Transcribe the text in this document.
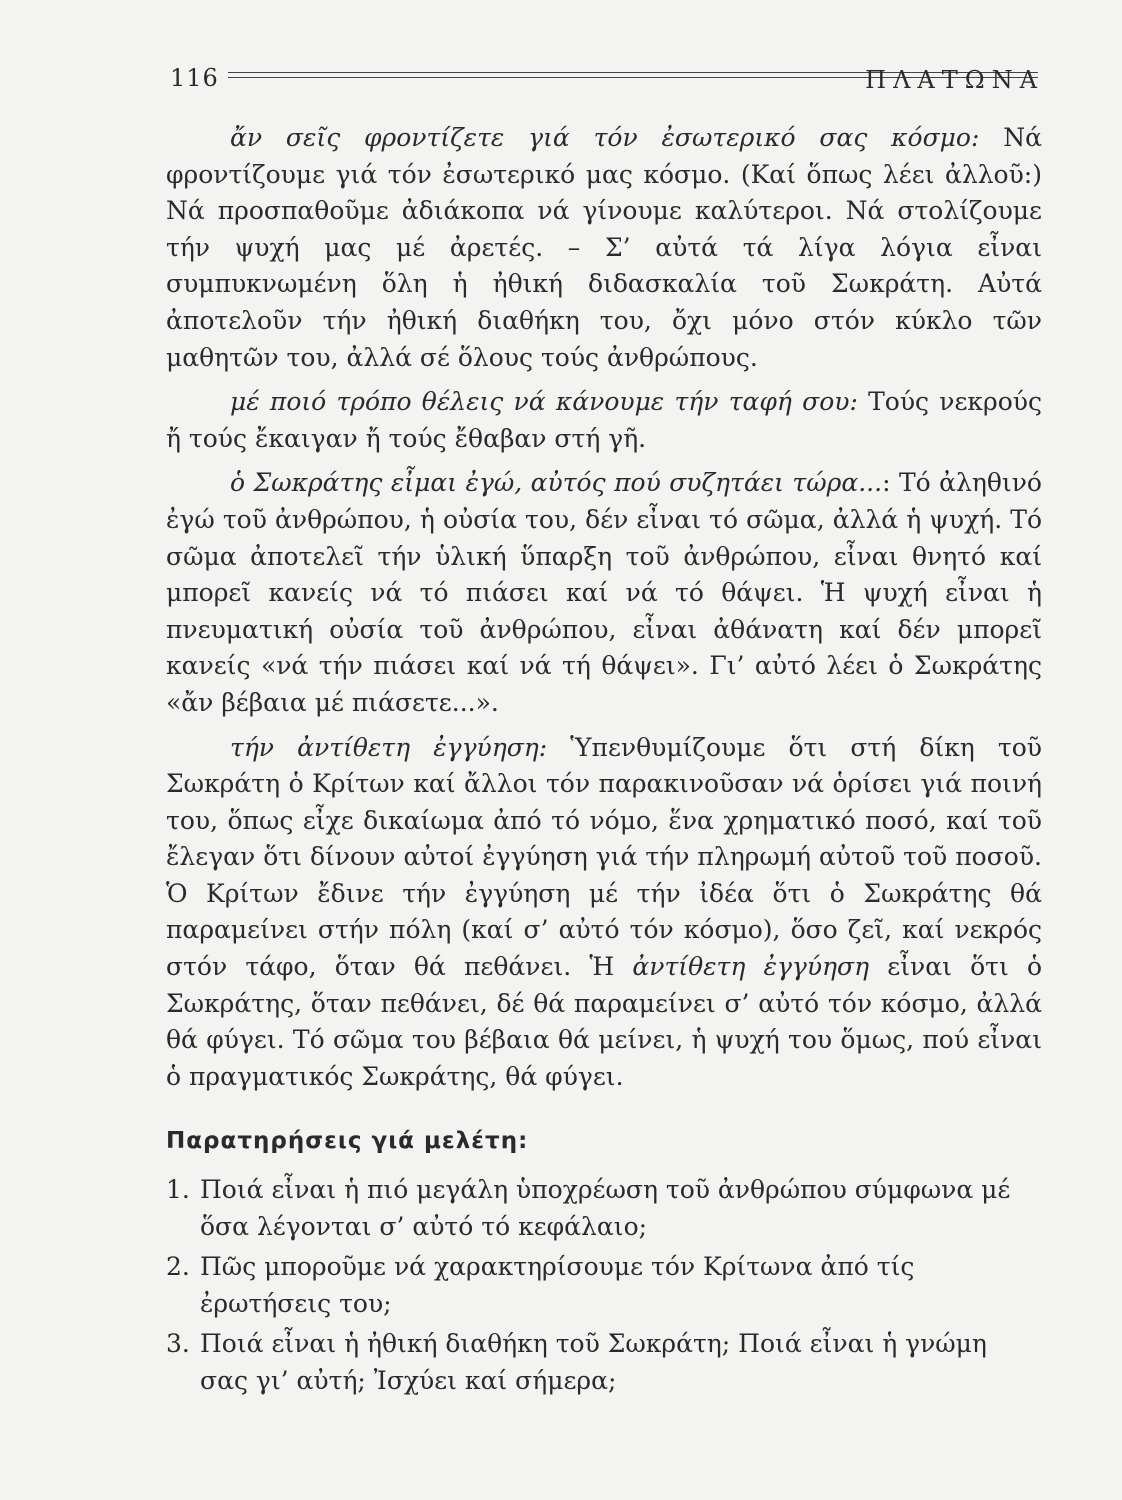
116	ΠΛΑΤΩΝΑ

ἄν σεῖς φροντίζετε γιά τόν ἐσωτερικό σας κόσμο: Νά φροντίζουμε γιά τόν ἐσωτερικό μας κόσμο. (Καί ὅπως λέει ἀλλοῦ:) Νά προσπαθοῦμε ἀδιάκοπα νά γίνουμε καλύτεροι. Νά στολίζουμε τήν ψυχή μας μέ ἀρετές. – Σ’ αὐτά τά λίγα λόγια εἶναι συμπυκνωμένη ὅλη ἡ ἠθική διδασκαλία τοῦ Σωκράτη. Αὐτά ἀποτελοῦν τήν ἠθική διαθήκη του, ὄχι μόνο στόν κύκλο τῶν μαθητῶν του, ἀλλά σέ ὅλους τούς ἀνθρώπους.

μέ ποιό τρόπο θέλεις νά κάνουμε τήν ταφή σου: Τούς νεκρούς ἤ τούς ἔκαιγαν ἤ τούς ἔθαβαν στή γῆ.

ὁ Σωκράτης εἶμαι ἐγώ, αὐτός πού συζητάει τώρα...: Τό ἀληθινό ἐγώ τοῦ ἀνθρώπου, ἡ οὐσία του, δέν εἶναι τό σῶμα, ἀλλά ἡ ψυχή. Τό σῶμα ἀποτελεῖ τήν ὑλική ὕπαρξη τοῦ ἀνθρώπου, εἶναι θνητό καί μπορεῖ κανείς νά τό πιάσει καί νά τό θάψει. Ἡ ψυχή εἶναι ἡ πνευματική οὐσία τοῦ ἀνθρώπου, εἶναι ἀθάνατη καί δέν μπορεῖ κανείς «νά τήν πιάσει καί νά τή θάψει». Γι’ αὐτό λέει ὁ Σωκράτης «ἄν βέβαια μέ πιάσετε...».

τήν ἀντίθετη ἐγγύηση: Ὑπενθυμίζουμε ὅτι στή δίκη τοῦ Σωκράτη ὁ Κρίτων καί ἄλλοι τόν παρακινοῦσαν νά ὁρίσει γιά ποινή του, ὅπως εἶχε δικαίωμα ἀπό τό νόμο, ἕνα χρηματικό ποσό, καί τοῦ ἔλεγαν ὅτι δίνουν αὐτοί ἐγγύηση γιά τήν πληρωμή αὐτοῦ τοῦ ποσοῦ. Ὁ Κρίτων ἔδινε τήν ἐγγύηση μέ τήν ἰδέα ὅτι ὁ Σωκράτης θά παραμείνει στήν πόλη (καί σ’ αὐτό τόν κόσμο), ὅσο ζεῖ, καί νεκρός στόν τάφο, ὅταν θά πεθάνει. Ἡ ἀντίθετη ἐγγύηση εἶναι ὅτι ὁ Σωκράτης, ὅταν πεθάνει, δέ θά παραμείνει σ’ αὐτό τόν κόσμο, ἀλλά θά φύγει. Τό σῶμα του βέβαια θά μείνει, ἡ ψυχή του ὅμως, πού εἶναι ὁ πραγματικός Σωκράτης, θά φύγει.

Παρατηρήσεις γιά μελέτη:
1. Ποιά εἶναι ἡ πιό μεγάλη ὑποχρέωση τοῦ ἀνθρώπου σύμφωνα μέ ὅσα λέγονται σ’ αὐτό τό κεφάλαιο;
2. Πῶς μποροῦμε νά χαρακτηρίσουμε τόν Κρίτωνα ἀπό τίς ἐρωτήσεις του;
3. Ποιά εἶναι ἡ ἠθική διαθήκη τοῦ Σωκράτη; Ποιά εἶναι ἡ γνώμη σας γι’ αὐτή; Ἰσχύει καί σήμερα;
